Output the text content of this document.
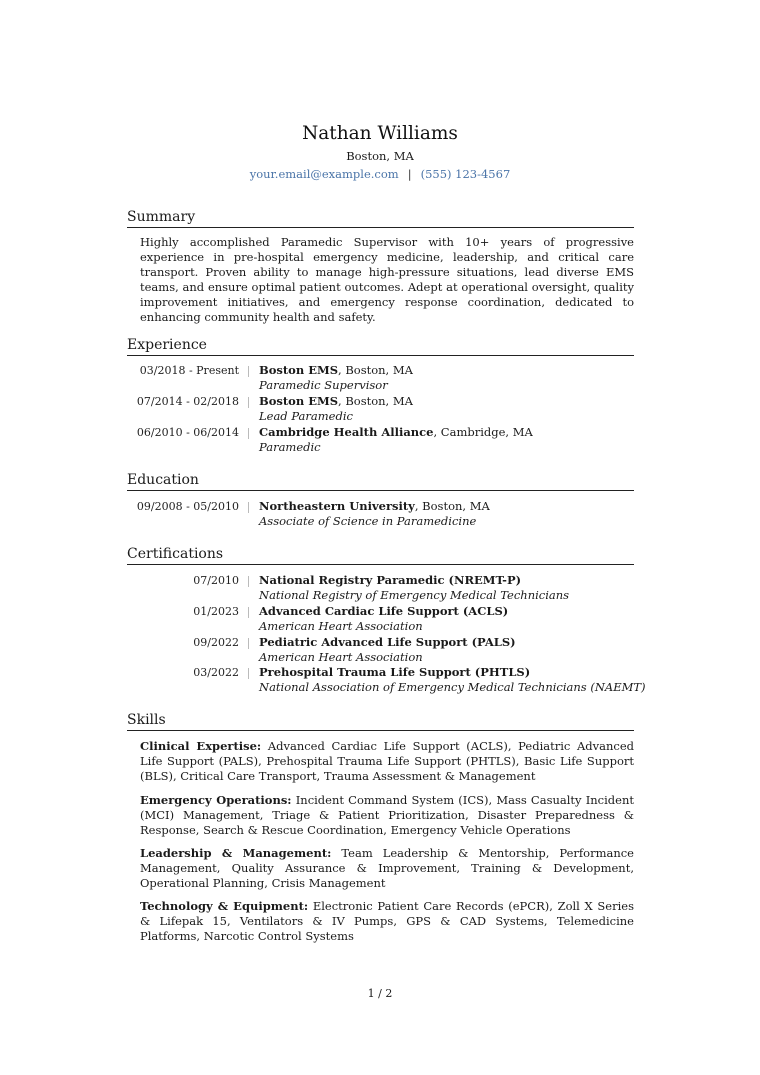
Nathan Williams
Boston, MA
your.email@example.com | (555) 123-4567
Summary
Highly accomplished Paramedic Supervisor with 10+ years of progressive experience in pre-hospital emergency medicine, leadership, and critical care transport. Proven ability to manage high-pressure situations, lead diverse EMS teams, and ensure optimal patient outcomes. Adept at operational oversight, quality improvement initiatives, and emergency response coordination, dedicated to enhancing community health and safety.
Experience
03/2018 - Present Boston EMS, Boston, MA
Paramedic Supervisor
07/2014 - 02/2018 Boston EMS, Boston, MA
Lead Paramedic
06/2010 - 06/2014 Cambridge Health Alliance, Cambridge, MA
Paramedic
Education
09/2008 - 05/2010 Northeastern University, Boston, MA
Associate of Science in Paramedicine
Certifications
07/2010 National Registry Paramedic (NREMT-P)
National Registry of Emergency Medical Technicians
01/2023 Advanced Cardiac Life Support (ACLS)
American Heart Association
09/2022 Pediatric Advanced Life Support (PALS)
American Heart Association
03/2022 Prehospital Trauma Life Support (PHTLS)
National Association of Emergency Medical Technicians (NAEMT)
Skills
Clinical Expertise: Advanced Cardiac Life Support (ACLS), Pediatric Advanced Life Support (PALS), Prehospital Trauma Life Support (PHTLS), Basic Life Support (BLS), Critical Care Transport, Trauma Assessment & Management
Emergency Operations: Incident Command System (ICS), Mass Casualty Incident (MCI) Management, Triage & Patient Prioritization, Disaster Preparedness & Response, Search & Rescue Coordination, Emergency Vehicle Operations
Leadership & Management: Team Leadership & Mentorship, Performance Management, Quality Assurance & Improvement, Training & Development, Operational Planning, Crisis Management
Technology & Equipment: Electronic Patient Care Records (ePCR), Zoll X Series & Lifepak 15, Ventilators & IV Pumps, GPS & CAD Systems, Telemedicine Platforms, Narcotic Control Systems
1 / 2
